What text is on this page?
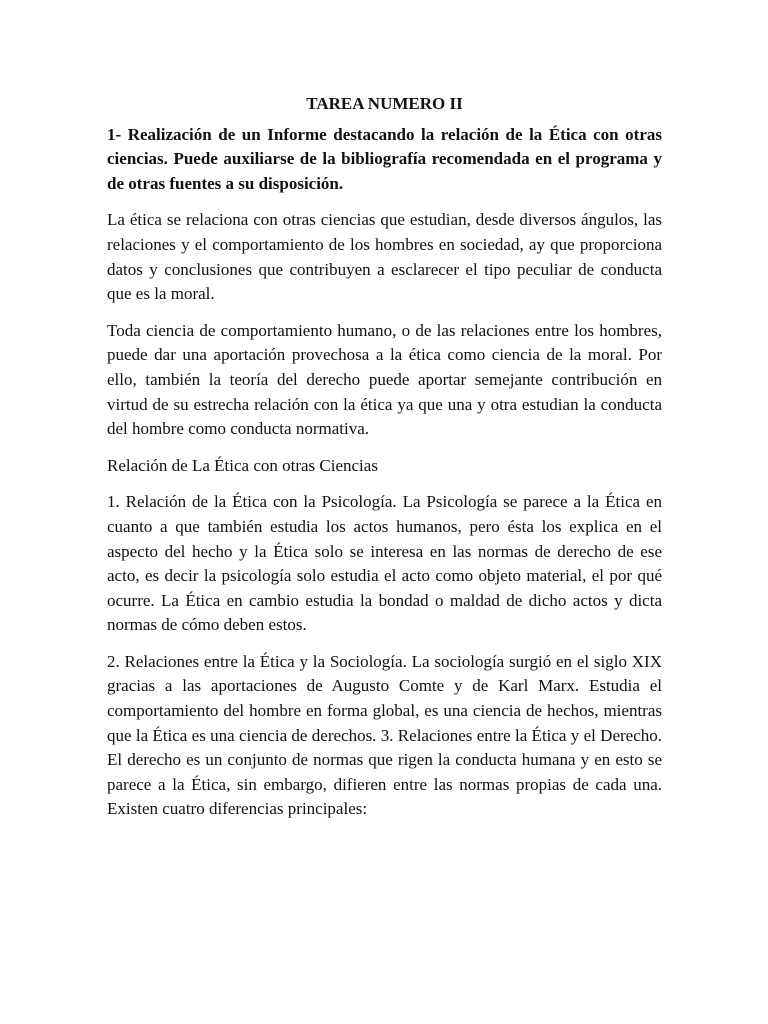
TAREA NUMERO II
1- Realización de un Informe destacando la relación de la Ética con otras ciencias. Puede auxiliarse de la bibliografía recomendada en el programa y de otras fuentes a su disposición.
La ética se relaciona con otras ciencias que estudian, desde diversos ángulos, las relaciones y el comportamiento de los hombres en sociedad, ay que proporciona datos y conclusiones que contribuyen a esclarecer el tipo peculiar de conducta que es la moral.
Toda ciencia de comportamiento humano, o de las relaciones entre los hombres, puede dar una aportación provechosa a la ética como ciencia de la moral. Por ello, también la teoría del derecho puede aportar semejante contribución en virtud de su estrecha relación con la ética ya que una y otra estudian la conducta del hombre como conducta normativa.
Relación de La Ética con otras Ciencias
1. Relación de la Ética con la Psicología. La Psicología se parece a la Ética en cuanto a que también estudia los actos humanos, pero ésta los explica en el aspecto del hecho y la Ética solo se interesa en las normas de derecho de ese acto, es decir la psicología solo estudia el acto como objeto material, el por qué ocurre. La Ética en cambio estudia la bondad o maldad de dicho actos y dicta normas de cómo deben estos.
2. Relaciones entre la Ética y la Sociología. La sociología surgió en el siglo XIX gracias a las aportaciones de Augusto Comte y de Karl Marx. Estudia el comportamiento del hombre en forma global, es una ciencia de hechos, mientras que la Ética es una ciencia de derechos. 3. Relaciones entre la Ética y el Derecho. El derecho es un conjunto de normas que rigen la conducta humana y en esto se parece a la Ética, sin embargo, difieren entre las normas propias de cada una. Existen cuatro diferencias principales:
